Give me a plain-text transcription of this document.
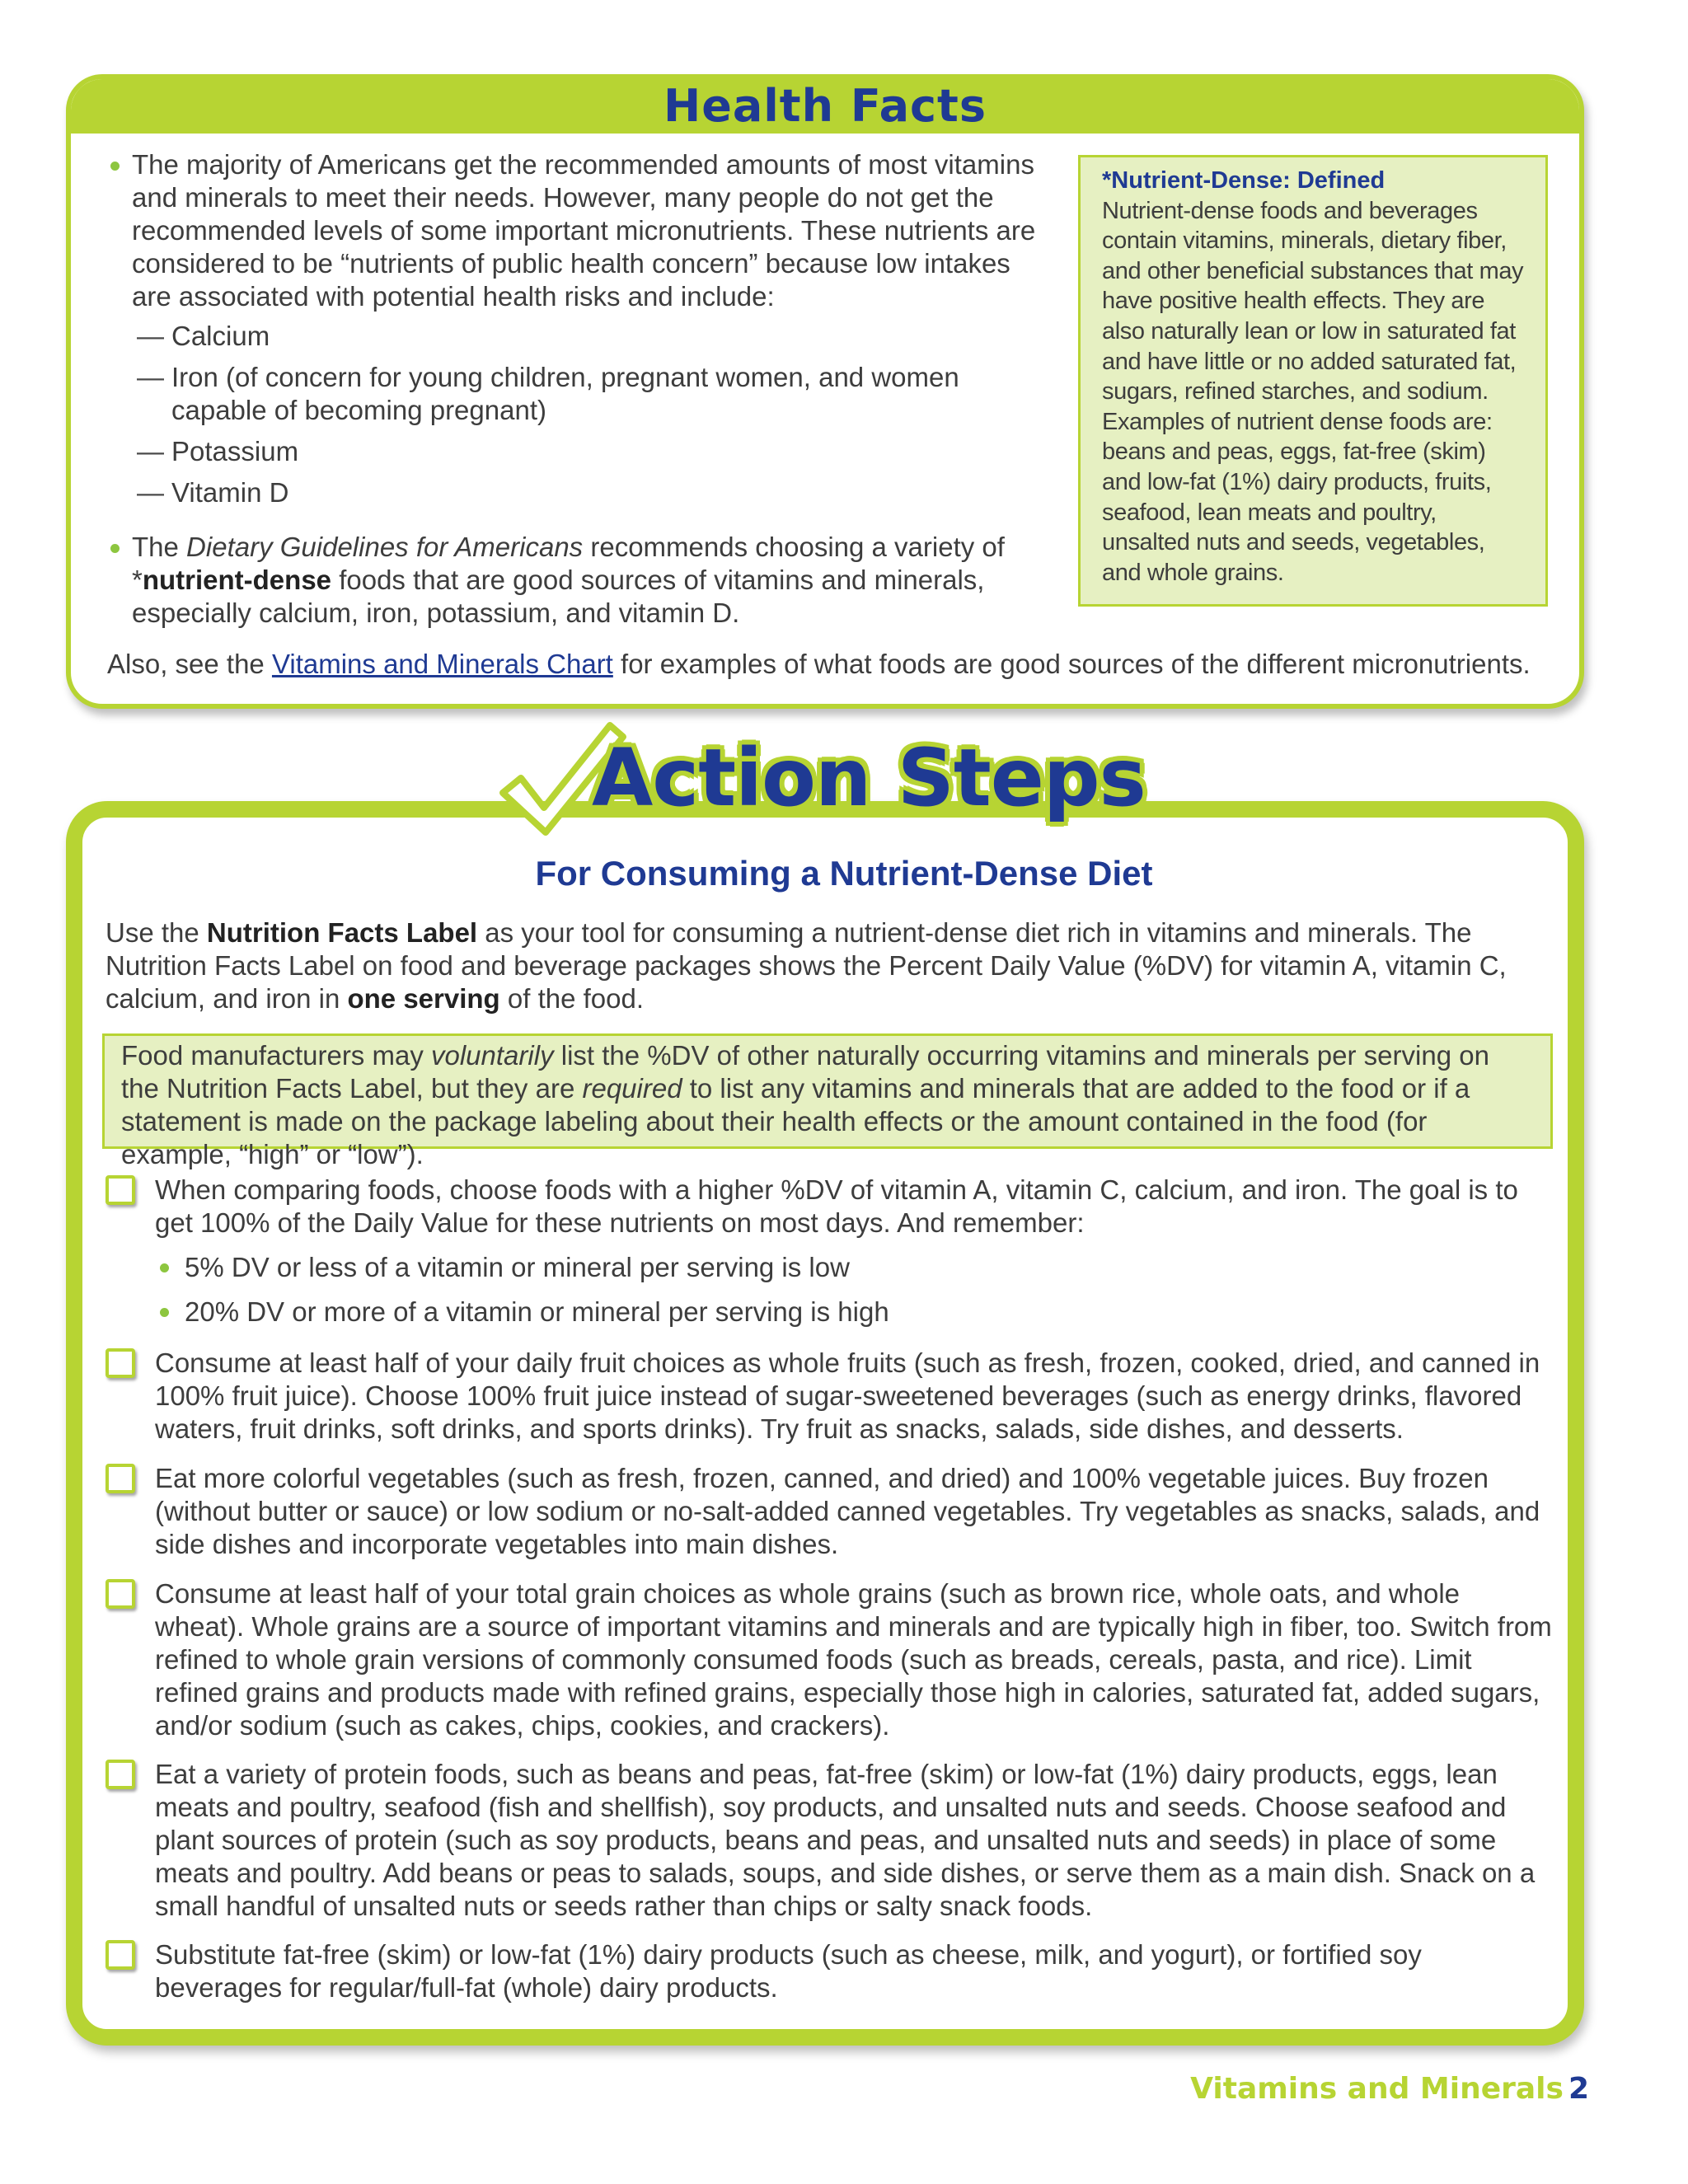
Health Facts
The majority of Americans get the recommended amounts of most vitamins and minerals to meet their needs. However, many people do not get the recommended levels of some important micronutrients. These nutrients are considered to be “nutrients of public health concern” because low intakes are associated with potential health risks and include:
— Calcium
— Iron (of concern for young children, pregnant women, and women capable of becoming pregnant)
— Potassium
— Vitamin D
The Dietary Guidelines for Americans recommends choosing a variety of *nutrient-dense foods that are good sources of vitamins and minerals, especially calcium, iron, potassium, and vitamin D.
*Nutrient-Dense: Defined
Nutrient-dense foods and beverages contain vitamins, minerals, dietary fiber, and other beneficial substances that may have positive health effects. They are also naturally lean or low in saturated fat and have little or no added saturated fat, sugars, refined starches, and sodium. Examples of nutrient dense foods are: beans and peas, eggs, fat-free (skim) and low-fat (1%) dairy products, fruits, seafood, lean meats and poultry, unsalted nuts and seeds, vegetables, and whole grains.
Also, see the Vitamins and Minerals Chart for examples of what foods are good sources of the different micronutrients.
Action Steps
For Consuming a Nutrient-Dense Diet
Use the Nutrition Facts Label as your tool for consuming a nutrient-dense diet rich in vitamins and minerals. The Nutrition Facts Label on food and beverage packages shows the Percent Daily Value (%DV) for vitamin A, vitamin C, calcium, and iron in one serving of the food.
Food manufacturers may voluntarily list the %DV of other naturally occurring vitamins and minerals per serving on the Nutrition Facts Label, but they are required to list any vitamins and minerals that are added to the food or if a statement is made on the package labeling about their health effects or the amount contained in the food (for example, “high” or “low”).
When comparing foods, choose foods with a higher %DV of vitamin A, vitamin C, calcium, and iron. The goal is to get 100% of the Daily Value for these nutrients on most days. And remember:
5% DV or less of a vitamin or mineral per serving is low
20% DV or more of a vitamin or mineral per serving is high
Consume at least half of your daily fruit choices as whole fruits (such as fresh, frozen, cooked, dried, and canned in 100% fruit juice). Choose 100% fruit juice instead of sugar-sweetened beverages (such as energy drinks, flavored waters, fruit drinks, soft drinks, and sports drinks). Try fruit as snacks, salads, side dishes, and desserts.
Eat more colorful vegetables (such as fresh, frozen, canned, and dried) and 100% vegetable juices. Buy frozen (without butter or sauce) or low sodium or no-salt-added canned vegetables. Try vegetables as snacks, salads, and side dishes and incorporate vegetables into main dishes.
Consume at least half of your total grain choices as whole grains (such as brown rice, whole oats, and whole wheat). Whole grains are a source of important vitamins and minerals and are typically high in fiber, too. Switch from refined to whole grain versions of commonly consumed foods (such as breads, cereals, pasta, and rice). Limit refined grains and products made with refined grains, especially those high in calories, saturated fat, added sugars, and/or sodium (such as cakes, chips, cookies, and crackers).
Eat a variety of protein foods, such as beans and peas, fat-free (skim) or low-fat (1%) dairy products, eggs, lean meats and poultry, seafood (fish and shellfish), soy products, and unsalted nuts and seeds. Choose seafood and plant sources of protein (such as soy products, beans and peas, and unsalted nuts and seeds) in place of some meats and poultry. Add beans or peas to salads, soups, and side dishes, or serve them as a main dish. Snack on a small handful of unsalted nuts or seeds rather than chips or salty snack foods.
Substitute fat-free (skim) or low-fat (1%) dairy products (such as cheese, milk, and yogurt), or fortified soy beverages for regular/full-fat (whole) dairy products.
Vitamins and Minerals 2
